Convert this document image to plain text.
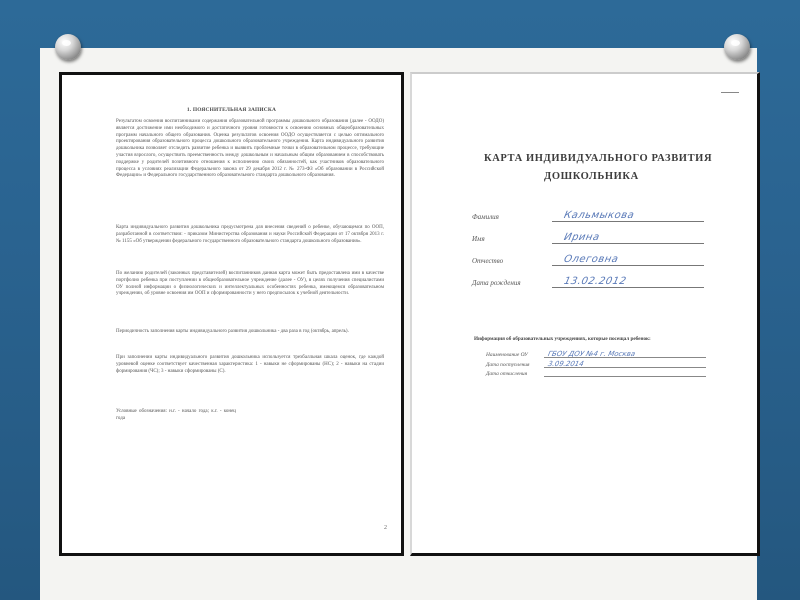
1. ПОЯСНИТЕЛЬНАЯ ЗАПИСКА

Результатом освоения воспитанниками содержания образовательной программы дошкольного образования (далее - ООДО) является достижение ими необходимого и достаточного уровня готовности к освоению основных общеобразовательных программ начального общего образования. Оценка результатов освоения ООДО осуществляется с целью оптимального проектирования образовательного процесса дошкольного образовательного учреждения. Карта индивидуального развития дошкольника позволяет отследить развитие ребенка и выявить проблемные точки в образовательном процессе, требующие участия взрослого, осуществить преемственность между дошкольным и начальным общим образованием в способствовать поддержке у родителей позитивного отношения к исполнению своих обязанностей, как участников образовательного процесса в условиях реализации Федерального закона от 29 декабря 2012 г. № 273-ФЗ «Об образовании в Российской Федерации» и Федерального государственного образовательного стандарта дошкольного образования.

Карта индивидуального развития дошкольника предусмотрена для внесения сведений о ребенке, обучающемся по ООП, разработанной в соответствии: - приказом Министерства образования и науки Российской Федерации от 17 октября 2013 г. № 1155 «Об утверждении федерального государственного образовательного стандарта дошкольного образования».

По желанию родителей (законных представителей) воспитанников данная карта может быть предоставлена ими в качестве портфолио ребенка при поступлении в общеобразовательное учреждение (далее - ОУ), в целях получения специалистами ОУ полной информации о физиологических и интеллектуальных особенностях ребенка, имеющемся образовательном учреждении, об уровне освоения им ООП и сформированности у него предпосылок к учебной деятельности.

Периодичность заполнения карты индивидуального развития дошкольника - два раза в год (октябрь, апрель).

При заполнении карты индивидуального развития дошкольника используется трехбалльная шкала оценок, где каждой уровневой оценке соответствует качественная характеристика: 1 - навыки не сформированы (НС); 2 - навыки на стадии формирования (ЧС); 3 - навыки сформированы (С).

Условные обозначения: н.г. - начало года; к.г. - конец года

2
КАРТА ИНДИВИДУАЛЬНОГО РАЗВИТИЯ
ДОШКОЛЬНИКА
Фамилия	Кальмыкова
Имя	Ирина
Отчество	Олеговна
Дата рождения	13.02.2012
Информация об образовательных учреждениях, которые посещал ребенок:
Наименование ОУ	ГБОУ ДОУ №4 г. Москва
Дата поступления	3.09.2014
Дата отчисления
